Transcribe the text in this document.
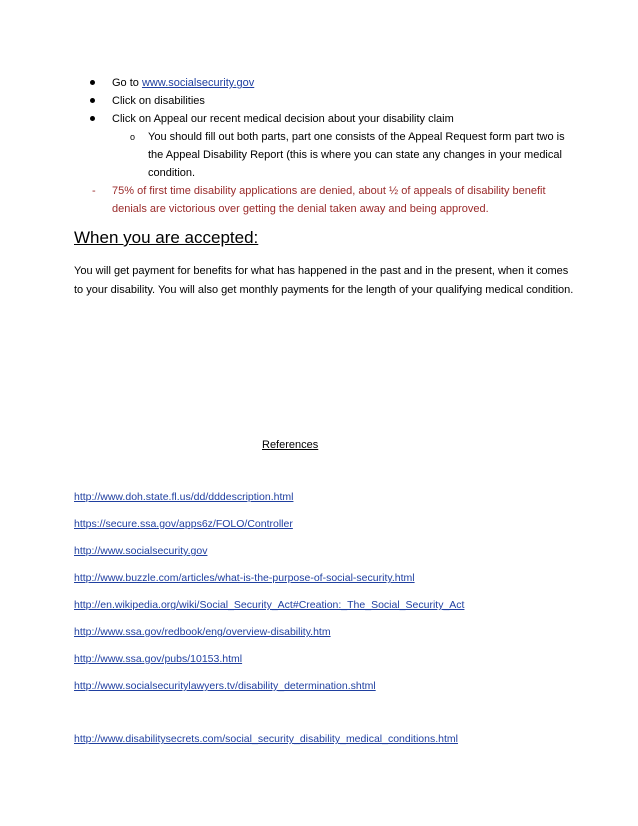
Go to www.socialsecurity.gov
Click on disabilities
Click on Appeal our recent medical decision about your disability claim
o You should fill out both parts, part one consists of the Appeal Request form part two is the Appeal Disability Report (this is where you can state any changes in your medical condition.
- 75% of first time disability applications are denied, about ½ of appeals of disability benefit denials are victorious over getting the denial taken away and being approved.
When you are accepted:
You will get payment for benefits for what has happened in the past and in the present, when it comes to your disability. You will also get monthly payments for the length of your qualifying medical condition.
References
http://www.doh.state.fl.us/dd/dddescription.html
https://secure.ssa.gov/apps6z/FOLO/Controller
http://www.socialsecurity.gov
http://www.buzzle.com/articles/what-is-the-purpose-of-social-security.html
http://en.wikipedia.org/wiki/Social_Security_Act#Creation:_The_Social_Security_Act
http://www.ssa.gov/redbook/eng/overview-disability.htm
http://www.ssa.gov/pubs/10153.html
http://www.socialsecuritylawyers.tv/disability_determination.shtml
http://www.disabilitysecrets.com/social_security_disability_medical_conditions.html
